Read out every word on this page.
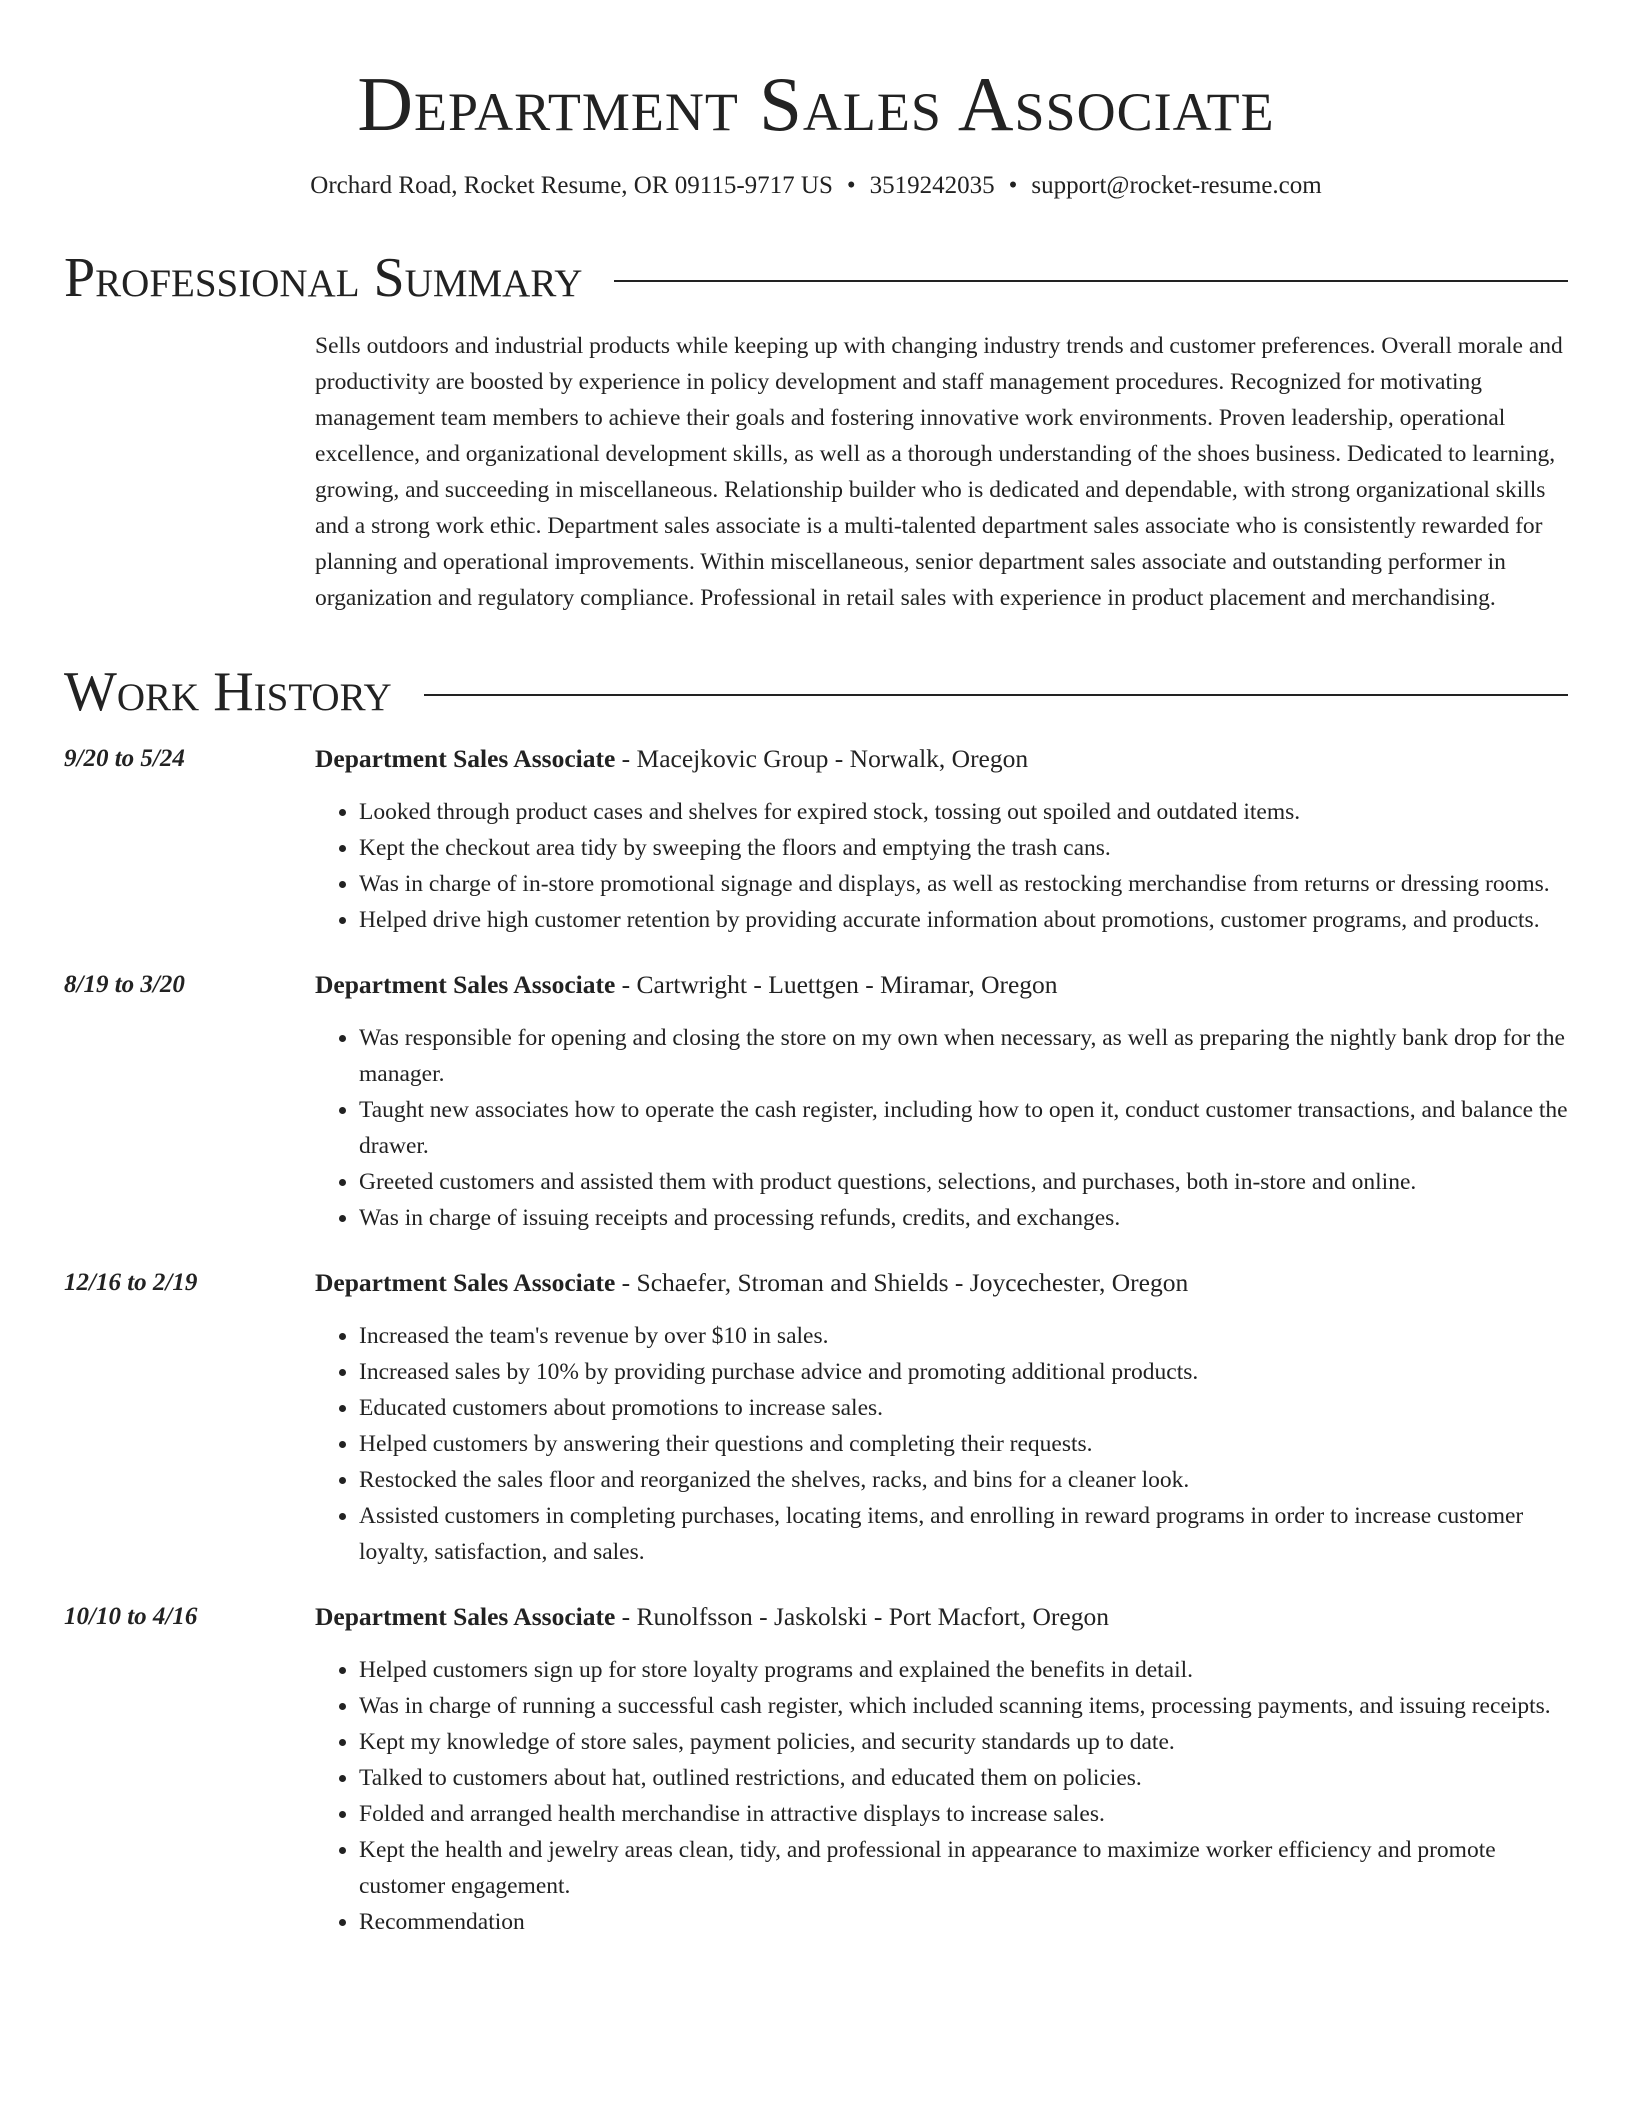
Department Sales Associate
Orchard Road, Rocket Resume, OR 09115-9717 US • 3519242035 • support@rocket-resume.com
Professional Summary
Sells outdoors and industrial products while keeping up with changing industry trends and customer preferences. Overall morale and productivity are boosted by experience in policy development and staff management procedures. Recognized for motivating management team members to achieve their goals and fostering innovative work environments. Proven leadership, operational excellence, and organizational development skills, as well as a thorough understanding of the shoes business. Dedicated to learning, growing, and succeeding in miscellaneous. Relationship builder who is dedicated and dependable, with strong organizational skills and a strong work ethic. Department sales associate is a multi-talented department sales associate who is consistently rewarded for planning and operational improvements. Within miscellaneous, senior department sales associate and outstanding performer in organization and regulatory compliance. Professional in retail sales with experience in product placement and merchandising.
Work History
9/20 to 5/24	Department Sales Associate - Macejkovic Group - Norwalk, Oregon
• Looked through product cases and shelves for expired stock, tossing out spoiled and outdated items.
• Kept the checkout area tidy by sweeping the floors and emptying the trash cans.
• Was in charge of in-store promotional signage and displays, as well as restocking merchandise from returns or dressing rooms.
• Helped drive high customer retention by providing accurate information about promotions, customer programs, and products.
8/19 to 3/20	Department Sales Associate - Cartwright - Luettgen - Miramar, Oregon
• Was responsible for opening and closing the store on my own when necessary, as well as preparing the nightly bank drop for the manager.
• Taught new associates how to operate the cash register, including how to open it, conduct customer transactions, and balance the drawer.
• Greeted customers and assisted them with product questions, selections, and purchases, both in-store and online.
• Was in charge of issuing receipts and processing refunds, credits, and exchanges.
12/16 to 2/19	Department Sales Associate - Schaefer, Stroman and Shields - Joycechester, Oregon
• Increased the team's revenue by over $10 in sales.
• Increased sales by 10% by providing purchase advice and promoting additional products.
• Educated customers about promotions to increase sales.
• Helped customers by answering their questions and completing their requests.
• Restocked the sales floor and reorganized the shelves, racks, and bins for a cleaner look.
• Assisted customers in completing purchases, locating items, and enrolling in reward programs in order to increase customer loyalty, satisfaction, and sales.
10/10 to 4/16	Department Sales Associate - Runolfsson - Jaskolski - Port Macfort, Oregon
• Helped customers sign up for store loyalty programs and explained the benefits in detail.
• Was in charge of running a successful cash register, which included scanning items, processing payments, and issuing receipts.
• Kept my knowledge of store sales, payment policies, and security standards up to date.
• Talked to customers about hat, outlined restrictions, and educated them on policies.
• Folded and arranged health merchandise in attractive displays to increase sales.
• Kept the health and jewelry areas clean, tidy, and professional in appearance to maximize worker efficiency and promote customer engagement.
• Recommendation
